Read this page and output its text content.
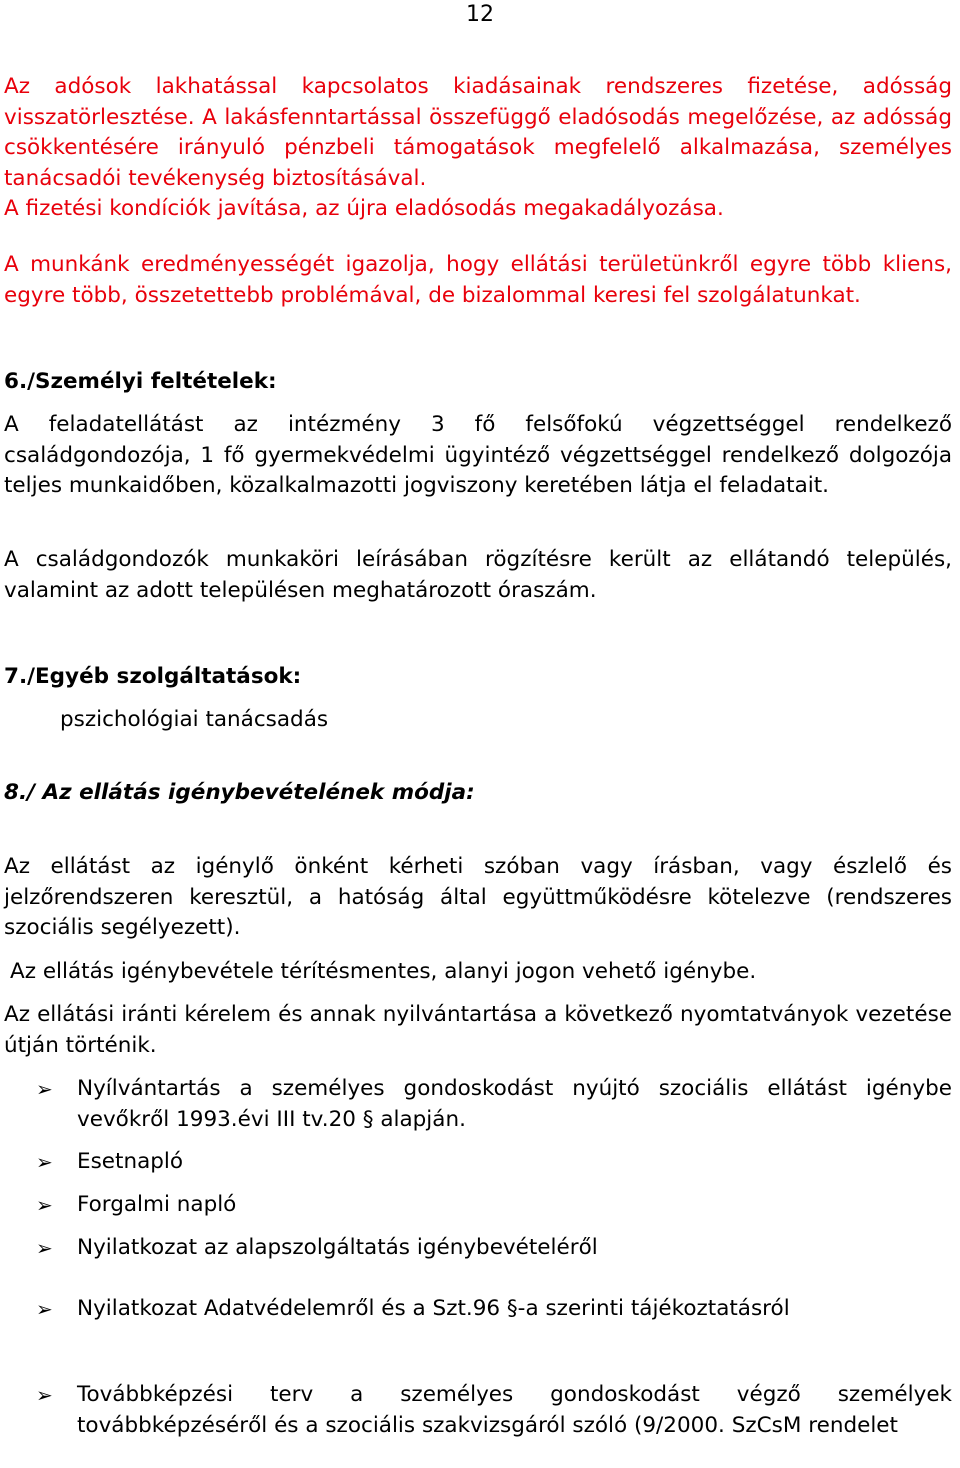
12

Az adósok lakhatással kapcsolatos kiadásainak rendszeres fizetése, adósság visszatörlesztése. A lakásfenntartással összefüggő eladósodás megelőzése, az adósság csökkentésére irányuló pénzbeli támogatások megfelelő alkalmazása, személyes tanácsadói tevékenység biztosításával.

A fizetési kondíciók javítása, az újra eladósodás megakadályozása.

A munkánk eredményességét igazolja, hogy ellátási területünkről egyre több kliens, egyre több, összetettebb problémával, de bizalommal keresi fel szolgálatunkat.

6./Személyi feltételek:

A feladatellátást az intézmény 3 fő felsőfokú végzettséggel rendelkező családgondozója, 1 fő gyermekvédelmi ügyintéző végzettséggel rendelkező dolgozója teljes munkaidőben, közalkalmazotti jogviszony keretében látja el feladatait.

A családgondozók munkaköri leírásában rögzítésre került az ellátandó település, valamint az adott településen meghatározott óraszám.

7./Egyéb szolgáltatások:

pszichológiai tanácsadás

8./ Az ellátás igénybevételének módja:

Az ellátást az igénylő önként kérheti szóban vagy írásban, vagy észlelő és jelzőrendszeren keresztül, a hatóság által együttműködésre kötelezve (rendszeres szociális segélyezett).

Az ellátás igénybevétele térítésmentes, alanyi jogon vehető igénybe.

Az ellátási iránti kérelem és annak nyilvántartása a következő nyomtatványok vezetése útján történik.

➢	Nyílvántartás a személyes gondoskodást nyújtó szociális ellátást igénybe vevőkről 1993.évi III tv.20 § alapján.
➢	Esetnapló
➢	Forgalmi napló
➢	Nyilatkozat az alapszolgáltatás igénybevételéről
➢	Nyilatkozat Adatvédelemről és a Szt.96 §-a szerinti tájékoztatásról
➢	Továbbképzési terv a személyes gondoskodást végző személyek továbbképzéséről és a szociális szakvizsgáról szóló (9/2000. SzCsM rendelet
